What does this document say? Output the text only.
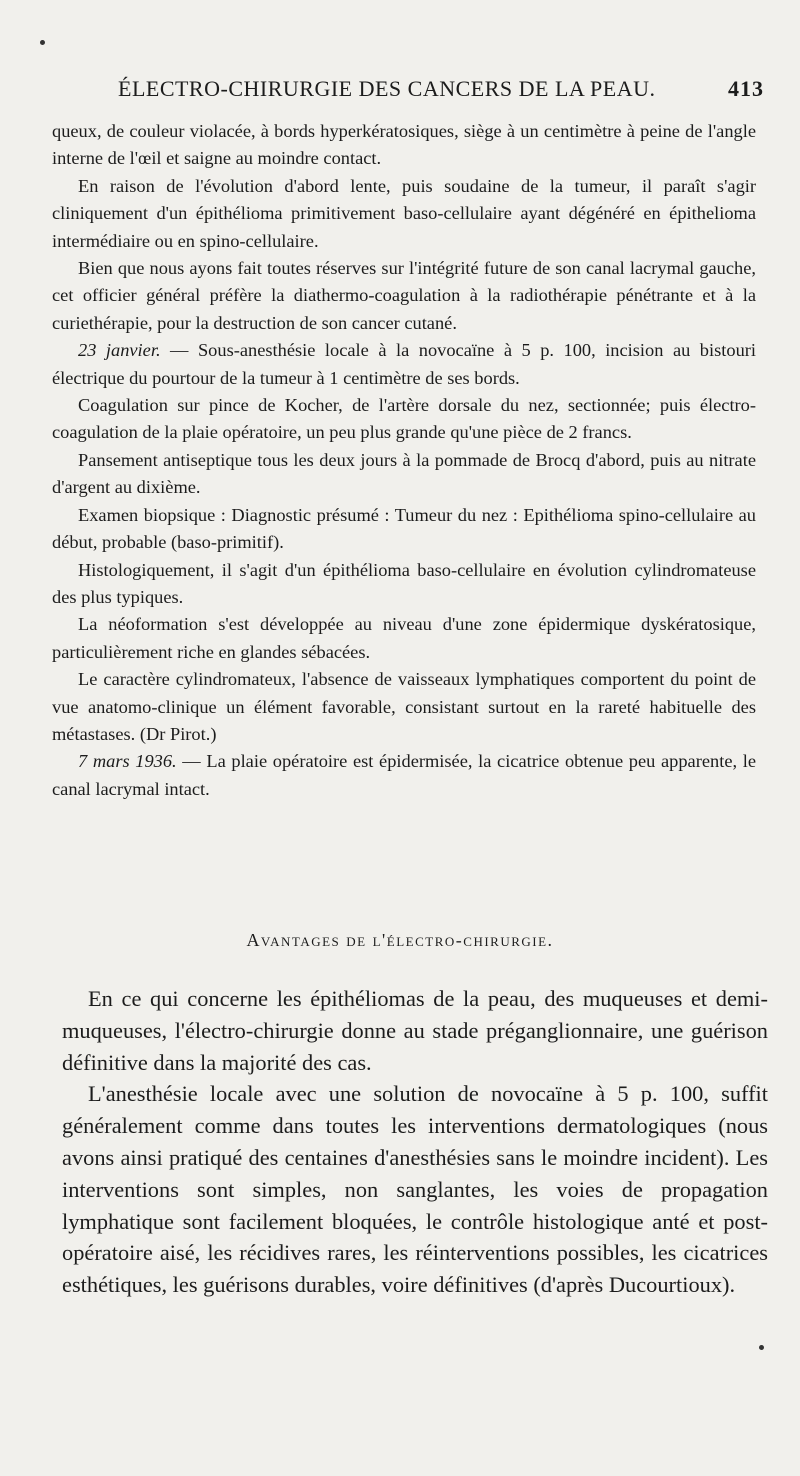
ÉLECTRO-CHIRURGIE DES CANCERS DE LA PEAU.	413

queux, de couleur violacée, à bords hyperkératosiques, siège à un centimètre à peine de l'angle interne de l'œil et saigne au moindre contact.

En raison de l'évolution d'abord lente, puis soudaine de la tumeur, il paraît s'agir cliniquement d'un épithélioma primitivement baso-cellulaire ayant dégénéré en épithelioma intermédiaire ou en spino-cellulaire.

Bien que nous ayons fait toutes réserves sur l'intégrité future de son canal lacrymal gauche, cet officier général préfère la diathermo-coagulation à la radiothérapie pénétrante et à la curiethérapie, pour la destruction de son cancer cutané.

23 janvier. — Sous-anesthésie locale à la novocaïne à 5 p. 100, incision au bistouri électrique du pourtour de la tumeur à 1 centimètre de ses bords.

Coagulation sur pince de Kocher, de l'artère dorsale du nez, sectionnée; puis électro-coagulation de la plaie opératoire, un peu plus grande qu'une pièce de 2 francs.

Pansement antiseptique tous les deux jours à la pommade de Brocq d'abord, puis au nitrate d'argent au dixième.

Examen biopsique : Diagnostic présumé : Tumeur du nez : Epithélioma spino-cellulaire au début, probable (baso-primitif).

Histologiquement, il s'agit d'un épithélioma baso-cellulaire en évolution cylindromateuse des plus typiques.

La néoformation s'est développée au niveau d'une zone épidermique dyskératosique, particulièrement riche en glandes sébacées.

Le caractère cylindromateux, l'absence de vaisseaux lymphatiques comportent du point de vue anatomo-clinique un élément favorable, consistant surtout en la rareté habituelle des métastases. (Dr Pirot.)

7 mars 1936. — La plaie opératoire est épidermisée, la cicatrice obtenue peu apparente, le canal lacrymal intact.

Avantages de l'électro-chirurgie.

En ce qui concerne les épithéliomas de la peau, des muqueuses et demi-muqueuses, l'électro-chirurgie donne au stade préganglionnaire, une guérison définitive dans la majorité des cas.

L'anesthésie locale avec une solution de novocaïne à 5 p. 100, suffit généralement comme dans toutes les interventions dermatologiques (nous avons ainsi pratiqué des centaines d'anesthésies sans le moindre incident). Les interventions sont simples, non sanglantes, les voies de propagation lymphatique sont facilement bloquées, le contrôle histologique anté et post-opératoire aisé, les récidives rares, les réinterventions possibles, les cicatrices esthétiques, les guérisons durables, voire définitives (d'après Ducourtioux).
